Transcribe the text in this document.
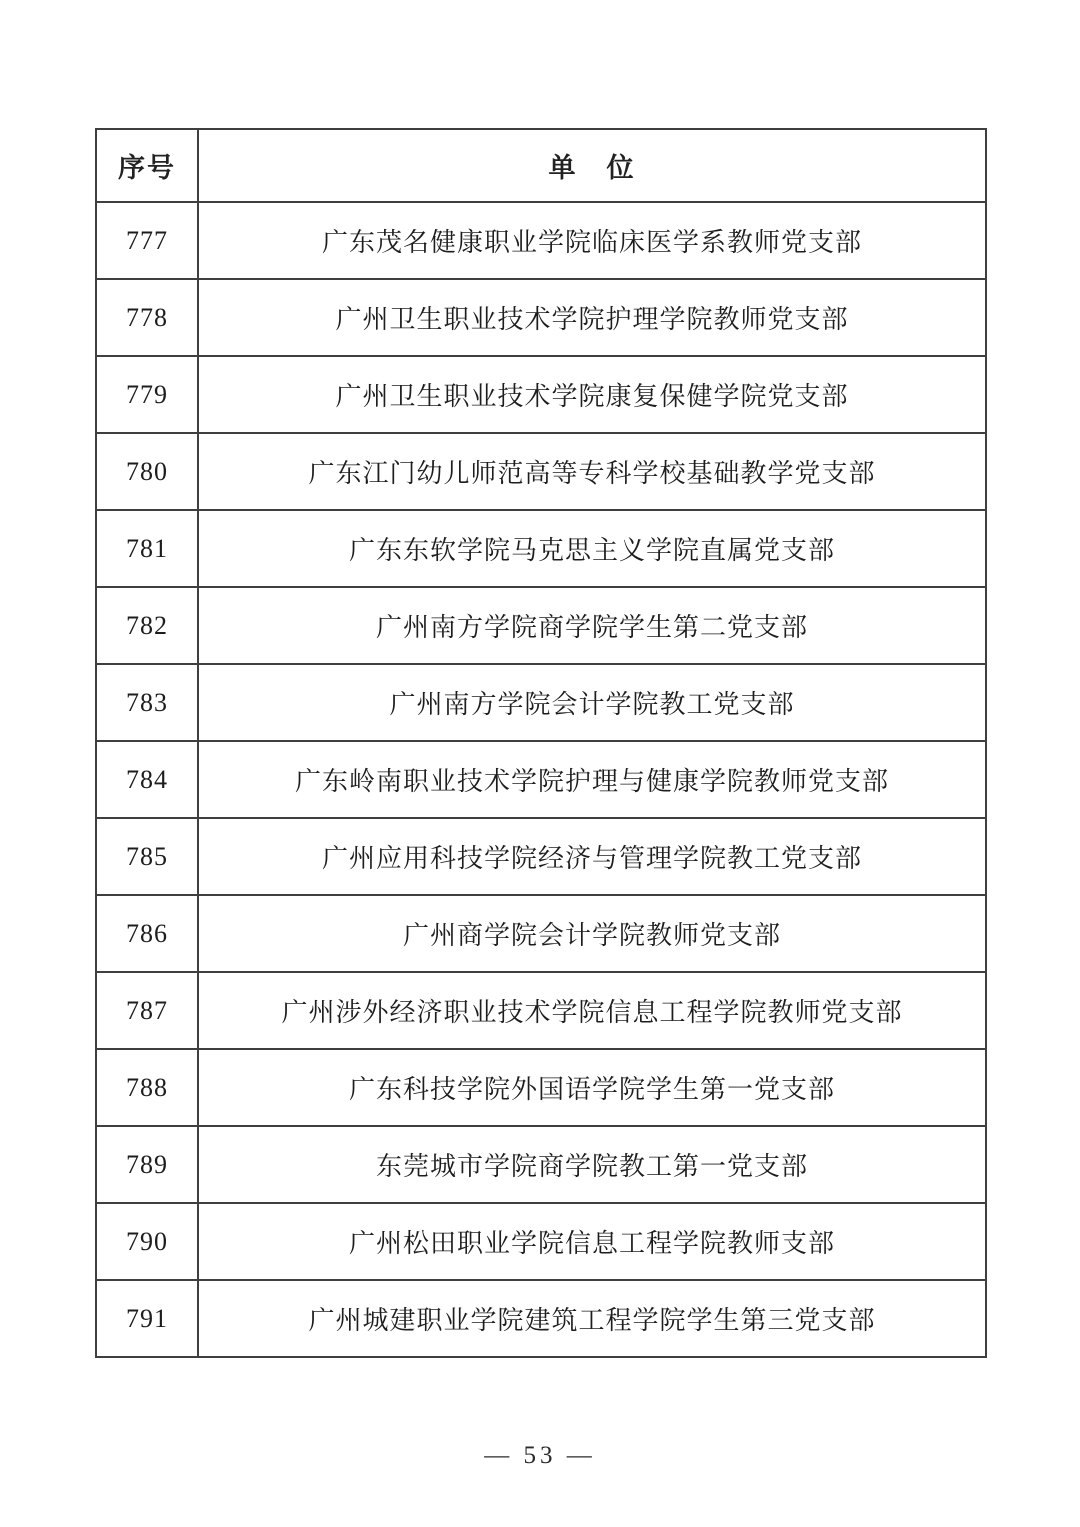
序号	单　位
777	广东茂名健康职业学院临床医学系教师党支部
778	广州卫生职业技术学院护理学院教师党支部
779	广州卫生职业技术学院康复保健学院党支部
780	广东江门幼儿师范高等专科学校基础教学党支部
781	广东东软学院马克思主义学院直属党支部
782	广州南方学院商学院学生第二党支部
783	广州南方学院会计学院教工党支部
784	广东岭南职业技术学院护理与健康学院教师党支部
785	广州应用科技学院经济与管理学院教工党支部
786	广州商学院会计学院教师党支部
787	广州涉外经济职业技术学院信息工程学院教师党支部
788	广东科技学院外国语学院学生第一党支部
789	东莞城市学院商学院教工第一党支部
790	广州松田职业学院信息工程学院教师支部
791	广州城建职业学院建筑工程学院学生第三党支部
— 53 —
